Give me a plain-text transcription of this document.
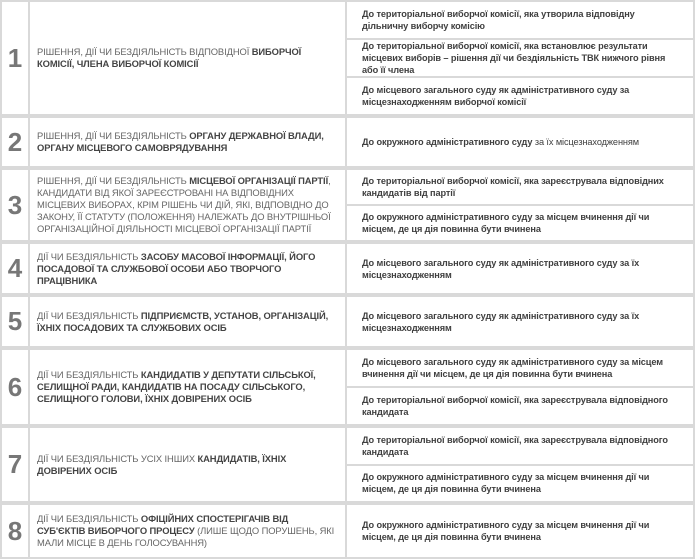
1	РІШЕННЯ, ДІЇ ЧИ БЕЗДІЯЛЬНІСТЬ ВІДПОВІДНОЇ ВИБОРЧОЇ КОМІСІЇ, ЧЛЕНА ВИБОРЧОЇ КОМІСІЇ
До територіальної виборчої комісії, яка утворила відповідну дільничну виборчу комісію
До територіальної виборчої комісії, яка встановлює результати місцевих виборів – рішення дії чи бездіяльність ТВК нижчого рівня або її члена
До місцевого загального суду як адміністративного суду за місцезнаходженням виборчої комісії
2	РІШЕННЯ, ДІЇ ЧИ БЕЗДІЯЛЬНІСТЬ ОРГАНУ ДЕРЖАВНОЇ ВЛАДИ, ОРГАНУ МІСЦЕВОГО САМОВРЯДУВАННЯ	До окружного адміністративного суду за їх місцезнаходженням
3
РІШЕННЯ, ДІЇ ЧИ БЕЗДІЯЛЬНІСТЬ МІСЦЕВОЇ ОРГАНІЗАЦІЇ ПАРТІЇ, КАНДИДАТИ ВІД ЯКОЇ ЗАРЕЄСТРОВАНІ НА ВІДПОВІДНИХ МІСЦЕВИХ ВИБОРАХ, КРІМ РІШЕНЬ ЧИ ДІЙ, ЯКІ, ВІДПОВІДНО ДО ЗАКОНУ, ЇЇ СТАТУТУ (ПОЛОЖЕННЯ) НАЛЕЖАТЬ ДО ВНУТРІШНЬОЇ ОРГАНІЗАЦІЙНОЇ ДІЯЛЬНОСТІ МІСЦЕВОЇ ОРГАНІЗАЦІЇ ПАРТІЇ
До територіальної виборчої комісії, яка зареєструвала відповідних кандидатів від партії
До окружного адміністративного суду за місцем вчинення дії чи місцем, де ця дія повинна бути вчинена
4	ДІЇ ЧИ БЕЗДІЯЛЬНІСТЬ ЗАСОБУ МАСОВОЇ ІНФОРМАЦІЇ, ЙОГО ПОСАДОВОЇ ТА СЛУЖБОВОЇ ОСОБИ АБО ТВОРЧОГО ПРАЦІВНИКА
До місцевого загального суду як адміністративного суду за їх місцезнаходженням
5	ДІЇ ЧИ БЕЗДІЯЛЬНІСТЬ ПІДПРИЄМСТВ, УСТАНОВ, ОРГАНІЗАЦІЙ, ЇХНІХ ПОСАДОВИХ ТА СЛУЖБОВИХ ОСІБ
До місцевого загального суду як адміністративного суду за їх місцезнаходженням
6	ДІЇ ЧИ БЕЗДІЯЛЬНІСТЬ КАНДИДАТІВ У ДЕПУТАТИ СІЛЬСЬКОЇ, СЕЛИЩНОЇ РАДИ, КАНДИДАТІВ НА ПОСАДУ СІЛЬСЬКОГО, СЕЛИЩНОГО ГОЛОВИ, ЇХНІХ ДОВІРЕНИХ ОСІБ
До місцевого загального суду як адміністративного суду за місцем вчинення дії чи місцем, де ця дія повинна бути вчинена
До територіальної виборчої комісії, яка зареєструвала відповідного кандидата
7	ДІЇ ЧИ БЕЗДІЯЛЬНІСТЬ УСІХ ІНШИХ КАНДИДАТІВ, ЇХНІХ ДОВІРЕНИХ ОСІБ
До територіальної виборчої комісії, яка зареєструвала відповідного кандидата
До окружного адміністративного суду за місцем вчинення дії чи місцем, де ця дія повинна бути вчинена
8	ДІЇ ЧИ БЕЗДІЯЛЬНІСТЬ ОФІЦІЙНИХ СПОСТЕРІГАЧІВ ВІД СУБ'ЄКТІВ ВИБОРЧОГО ПРОЦЕСУ (ЛИШЕ ЩОДО ПОРУШЕНЬ, ЯКІ МАЛИ МІСЦЕ В ДЕНЬ ГОЛОСУВАННЯ)
До окружного адміністративного суду за місцем вчинення дії чи місцем, де ця дія повинна бути вчинена
